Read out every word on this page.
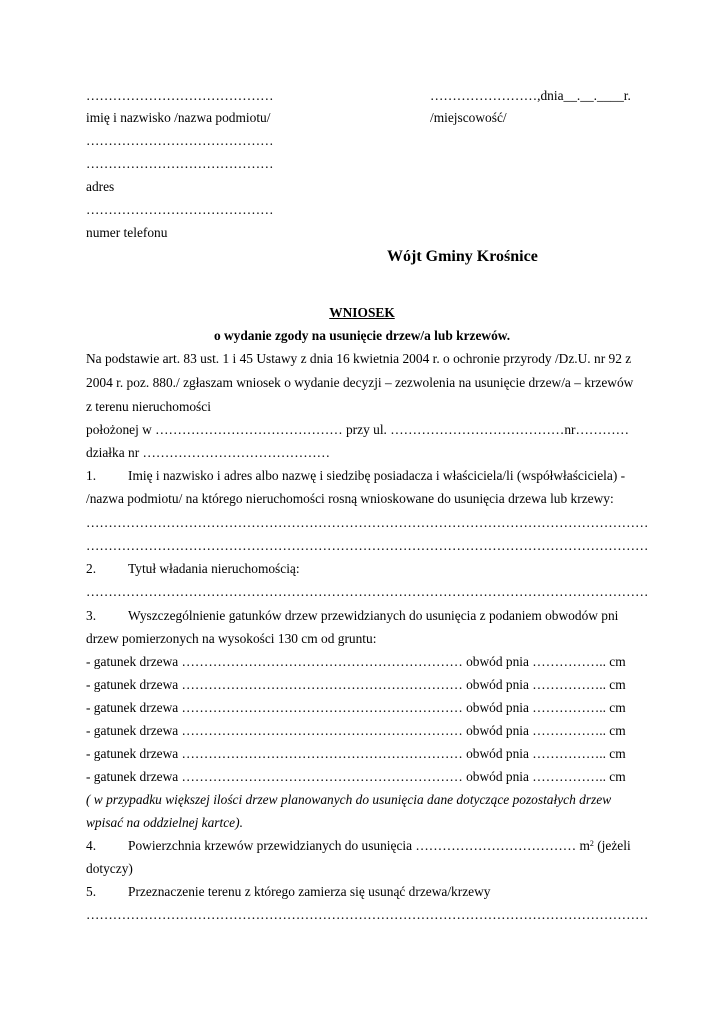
……………………………………
imię i nazwisko /nazwa podmiotu/
……………………………………
……………………………………
adres
……………………………………
numer telefonu
……………………,dnia__.__.____r.
/miejscowość/
Wójt Gminy Krośnice
WNIOSEK
o wydanie zgody na usunięcie drzew/a lub krzewów.
Na podstawie art. 83 ust. 1 i 45 Ustawy z dnia 16 kwietnia 2004 r. o ochronie przyrody /Dz.U. nr 92 z
2004 r. poz. 880./ zgłaszam wniosek o wydanie decyzji – zezwolenia na usunięcie drzew/a – krzewów
z terenu nieruchomości
położonej w …………………………………… przy ul. …………………………………nr…………
działka nr ……………………………………
1. Imię i nazwisko i adres albo nazwę i siedzibę posiadacza i właściciela/li (współwłaściciela) -
/nazwa podmiotu/ na którego nieruchomości rosną wnioskowane do usunięcia drzewa lub krzewy:
………………………………………………………………………………………………………………
………………………………………………………………………………………………………………
2. Tytuł władania nieruchomością:
………………………………………………………………………………………………………………
3. Wyszczególnienie gatunków drzew przewidzianych do usunięcia z podaniem obwodów pni
drzew pomierzonych na wysokości 130 cm od gruntu:
- gatunek drzewa ……………………………………………………… obwód pnia …………….. cm
- gatunek drzewa ……………………………………………………… obwód pnia …………….. cm
- gatunek drzewa ……………………………………………………… obwód pnia …………….. cm
- gatunek drzewa ……………………………………………………… obwód pnia …………….. cm
- gatunek drzewa ……………………………………………………… obwód pnia …………….. cm
- gatunek drzewa ……………………………………………………… obwód pnia …………….. cm
( w przypadku większej ilości drzew planowanych do usunięcia dane dotyczące pozostałych drzew
wpisać na oddzielnej kartce).
4. Powierzchnia krzewów przewidzianych do usunięcia ……………………………… $m^2$ (jeżeli
dotyczy)
5. Przeznaczenie terenu z którego zamierza się usunąć drzewa/krzewy
………………………………………………………………………………………………………………
